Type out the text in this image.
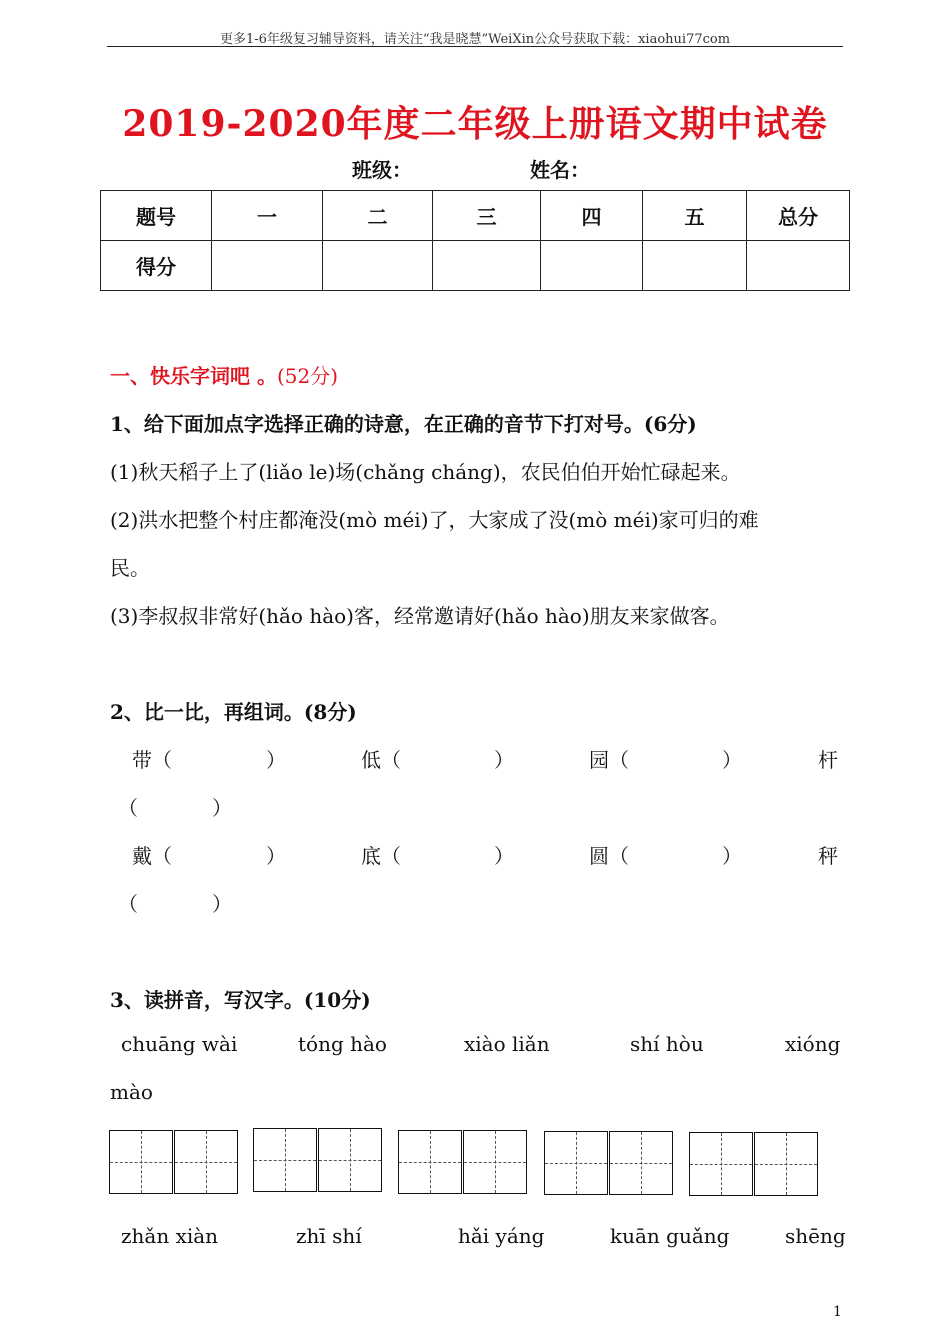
更多1-6年级复习辅导资料，请关注“我是晓慧”WeiXin公众号获取下载：xiaohui77com
2019-2020年度二年级上册语文期中试卷
班级：	姓名：
题号	一	二	三	四	五	总分
得分						
一、快乐字词吧 。(52分)
1、给下面加点字选择正确的诗意，在正确的音节下打对号。(6分)
(1)秋天稻子上了(liǎo le)场(chǎng cháng)，农民伯伯开始忙碌起来。
(2)洪水把整个村庄都淹没(mò méi)了，大家成了没(mò méi)家可归的难
民。
(3)李叔叔非常好(hǎo hào)客，经常邀请好(hǎo hào)朋友来家做客。
2、比一比，再组词。(8分)
带（	）	低（	）	园（	）	杆
（	）
戴（	）	底（	）	圆（	）	秤
（	）
3、读拼音，写汉字。(10分)
chuāng wài	tóng hào	xiào liǎn	shí hòu	xióng
mào
zhǎn xiàn	zhī shí	hǎi yáng	kuān guǎng	shēng
1
